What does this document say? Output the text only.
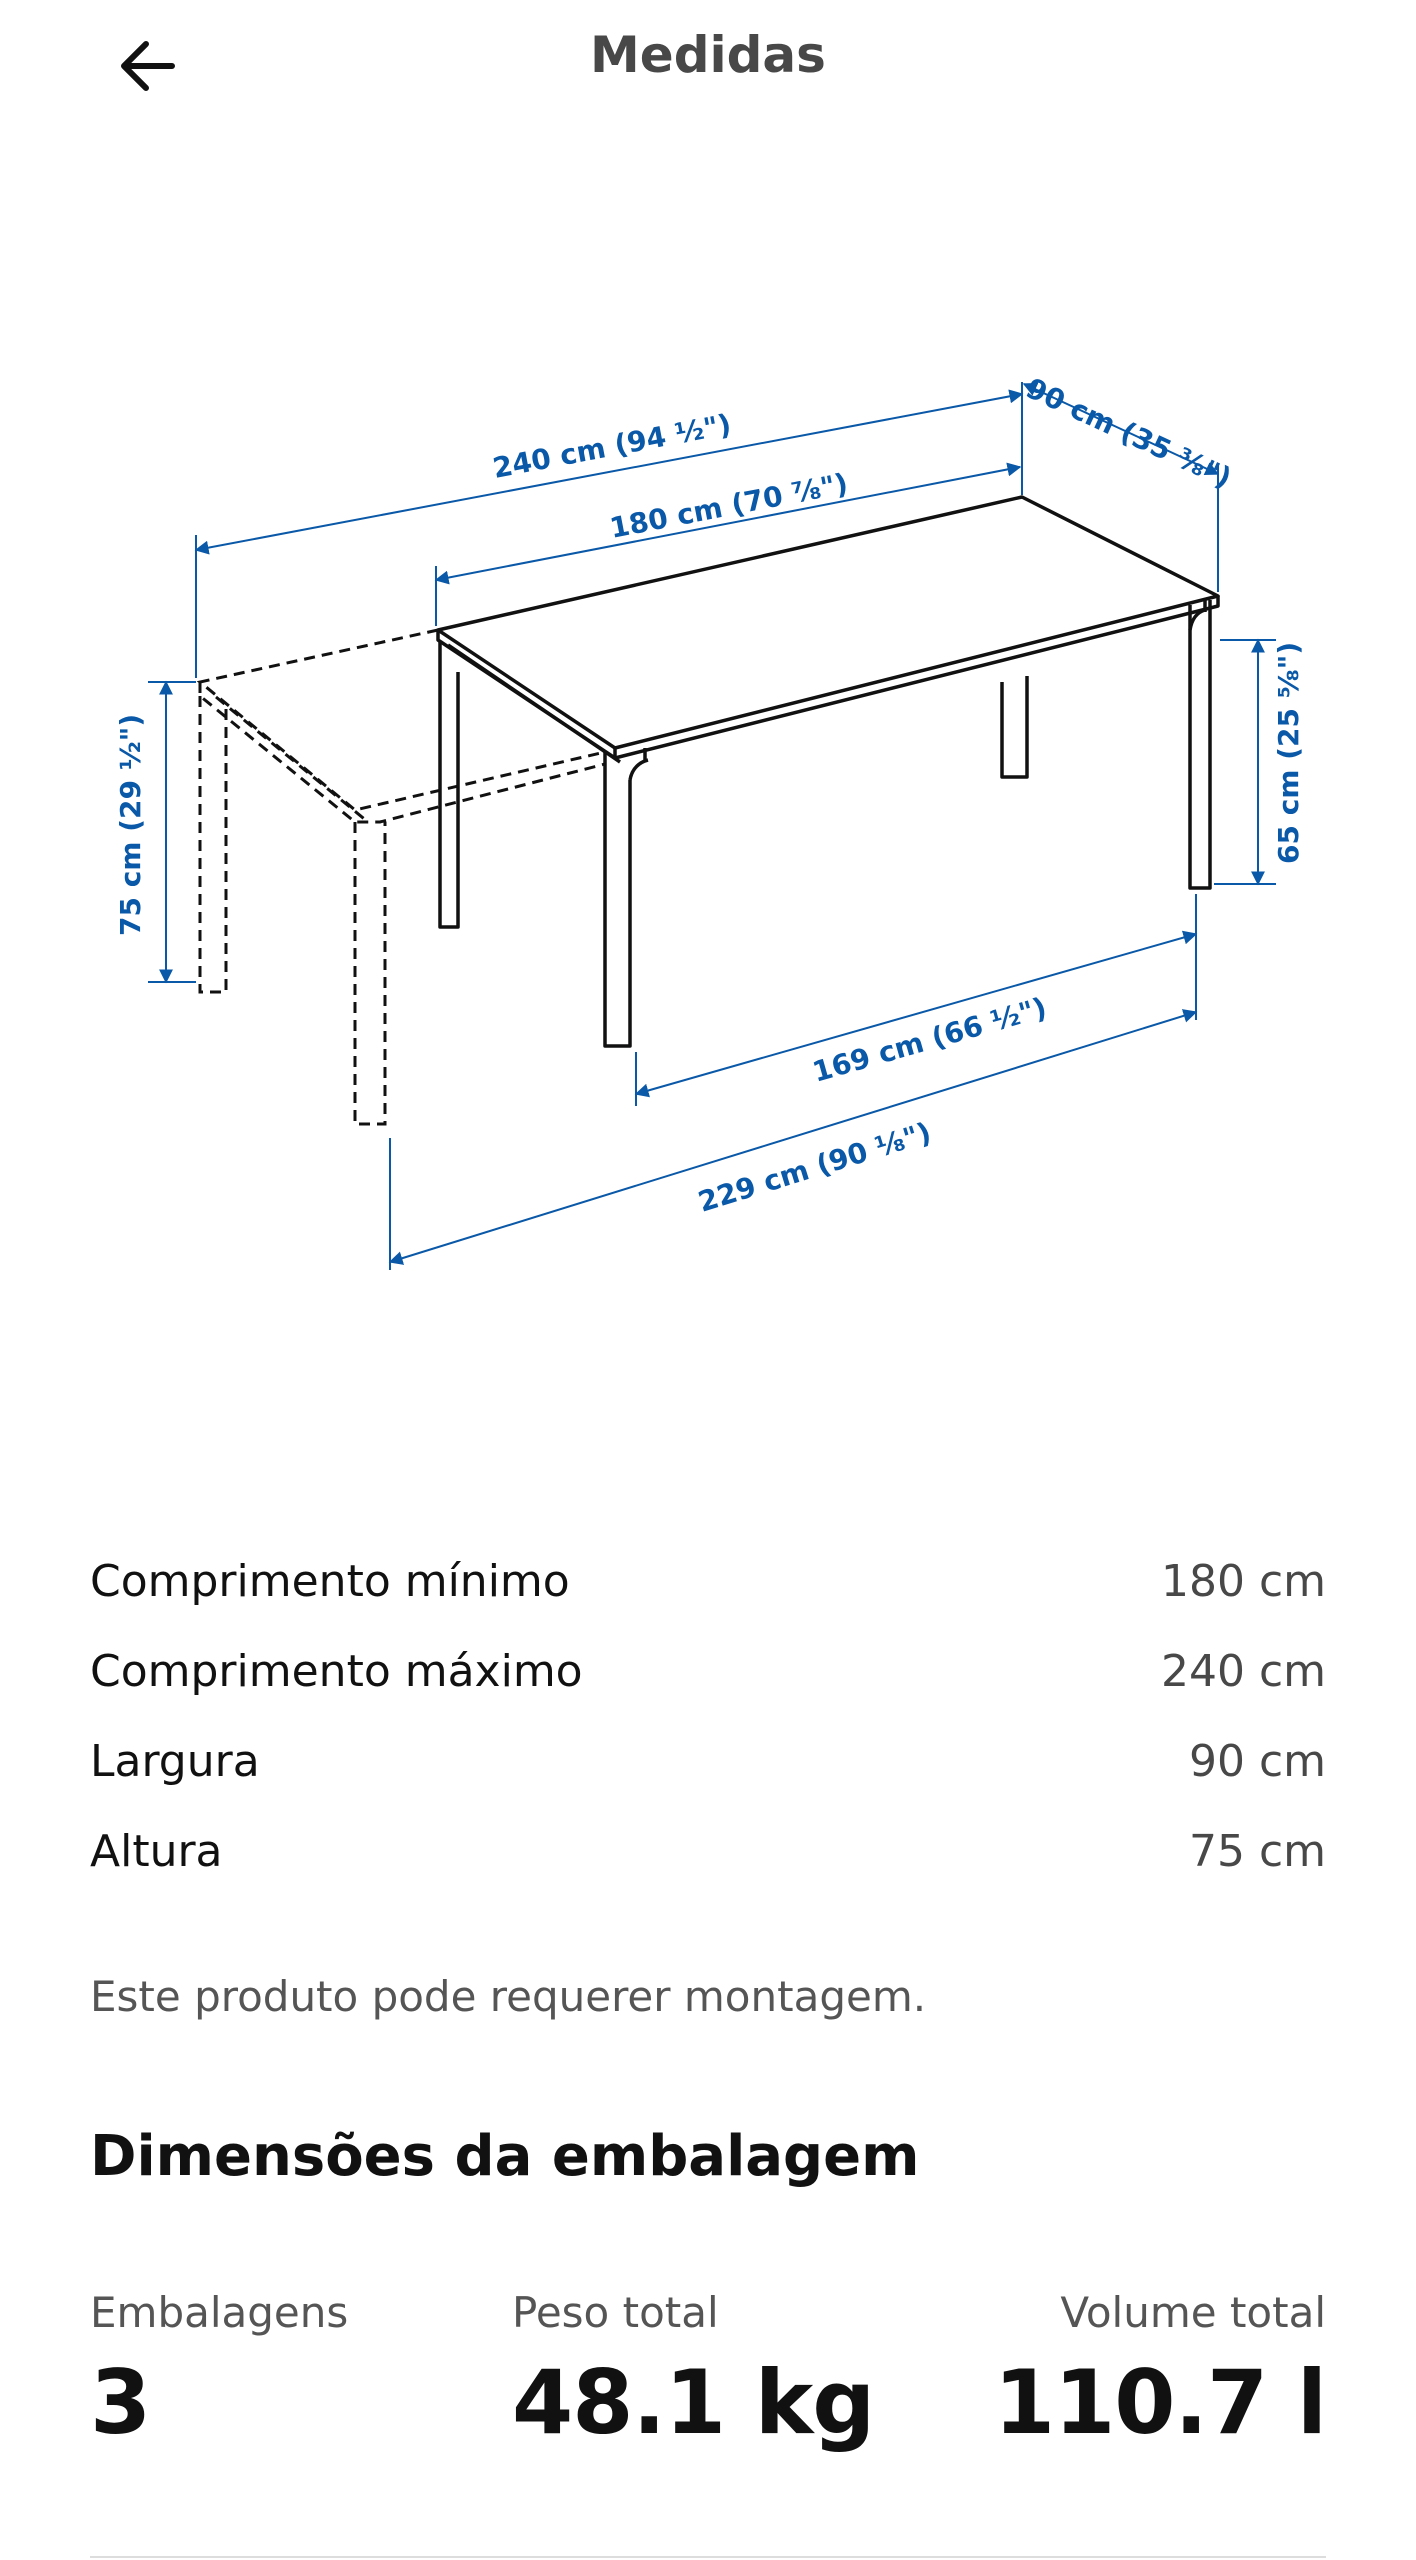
Medidas
240 cm (94 ½")
180 cm (70 ⅞")
90 cm (35 ⅜")
75 cm (29 ½")	65 cm (25 ⅝")
169 cm (66 ½")
229 cm (90 ⅛")
Comprimento mínimo	180 cm
Comprimento máximo	240 cm
Largura	90 cm
Altura	75 cm
Este produto pode requerer montagem.
Dimensões da embalagem
Embalagens
3
Peso total
48.1 kg
Volume total
110.7 l
